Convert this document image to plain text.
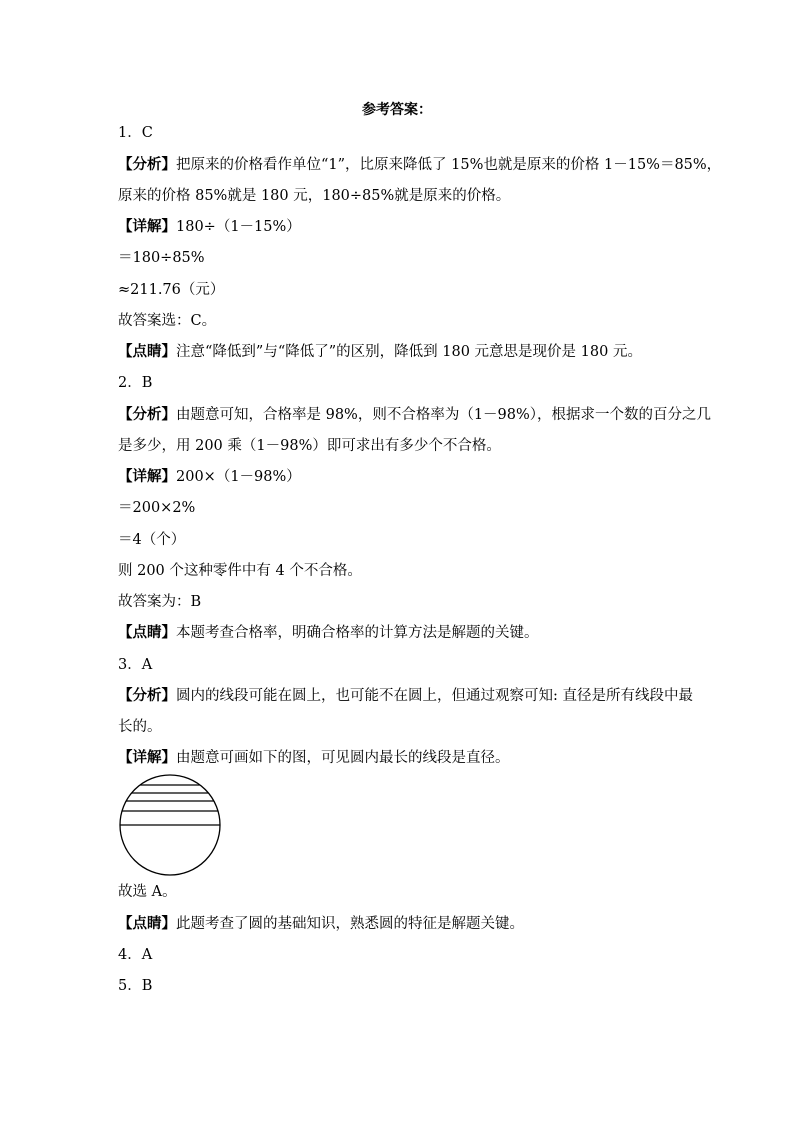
参考答案：
1．C
【分析】把原来的价格看作单位“1”，比原来降低了 15%也就是原来的价格 1－15%＝85%，
原来的价格 85%就是 180 元，180÷85%就是原来的价格。
【详解】180÷（1－15%）
＝180÷85%
≈211.76（元）
故答案选：C。
【点睛】注意“降低到”与“降低了”的区别，降低到 180 元意思是现价是 180 元。
2．B
【分析】由题意可知，合格率是 98%，则不合格率为（1－98%），根据求一个数的百分之几
是多少，用 200 乘（1－98%）即可求出有多少个不合格。
【详解】200×（1－98%）
＝200×2%
＝4（个）
则 200 个这种零件中有 4 个不合格。
故答案为：B
【点睛】本题考查合格率，明确合格率的计算方法是解题的关键。
3．A
【分析】圆内的线段可能在圆上，也可能不在圆上，但通过观察可知: 直径是所有线段中最
长的。
【详解】由题意可画如下的图，可见圆内最长的线段是直径。
故选 A。
【点睛】此题考查了圆的基础知识，熟悉圆的特征是解题关键。
4．A
5．B
